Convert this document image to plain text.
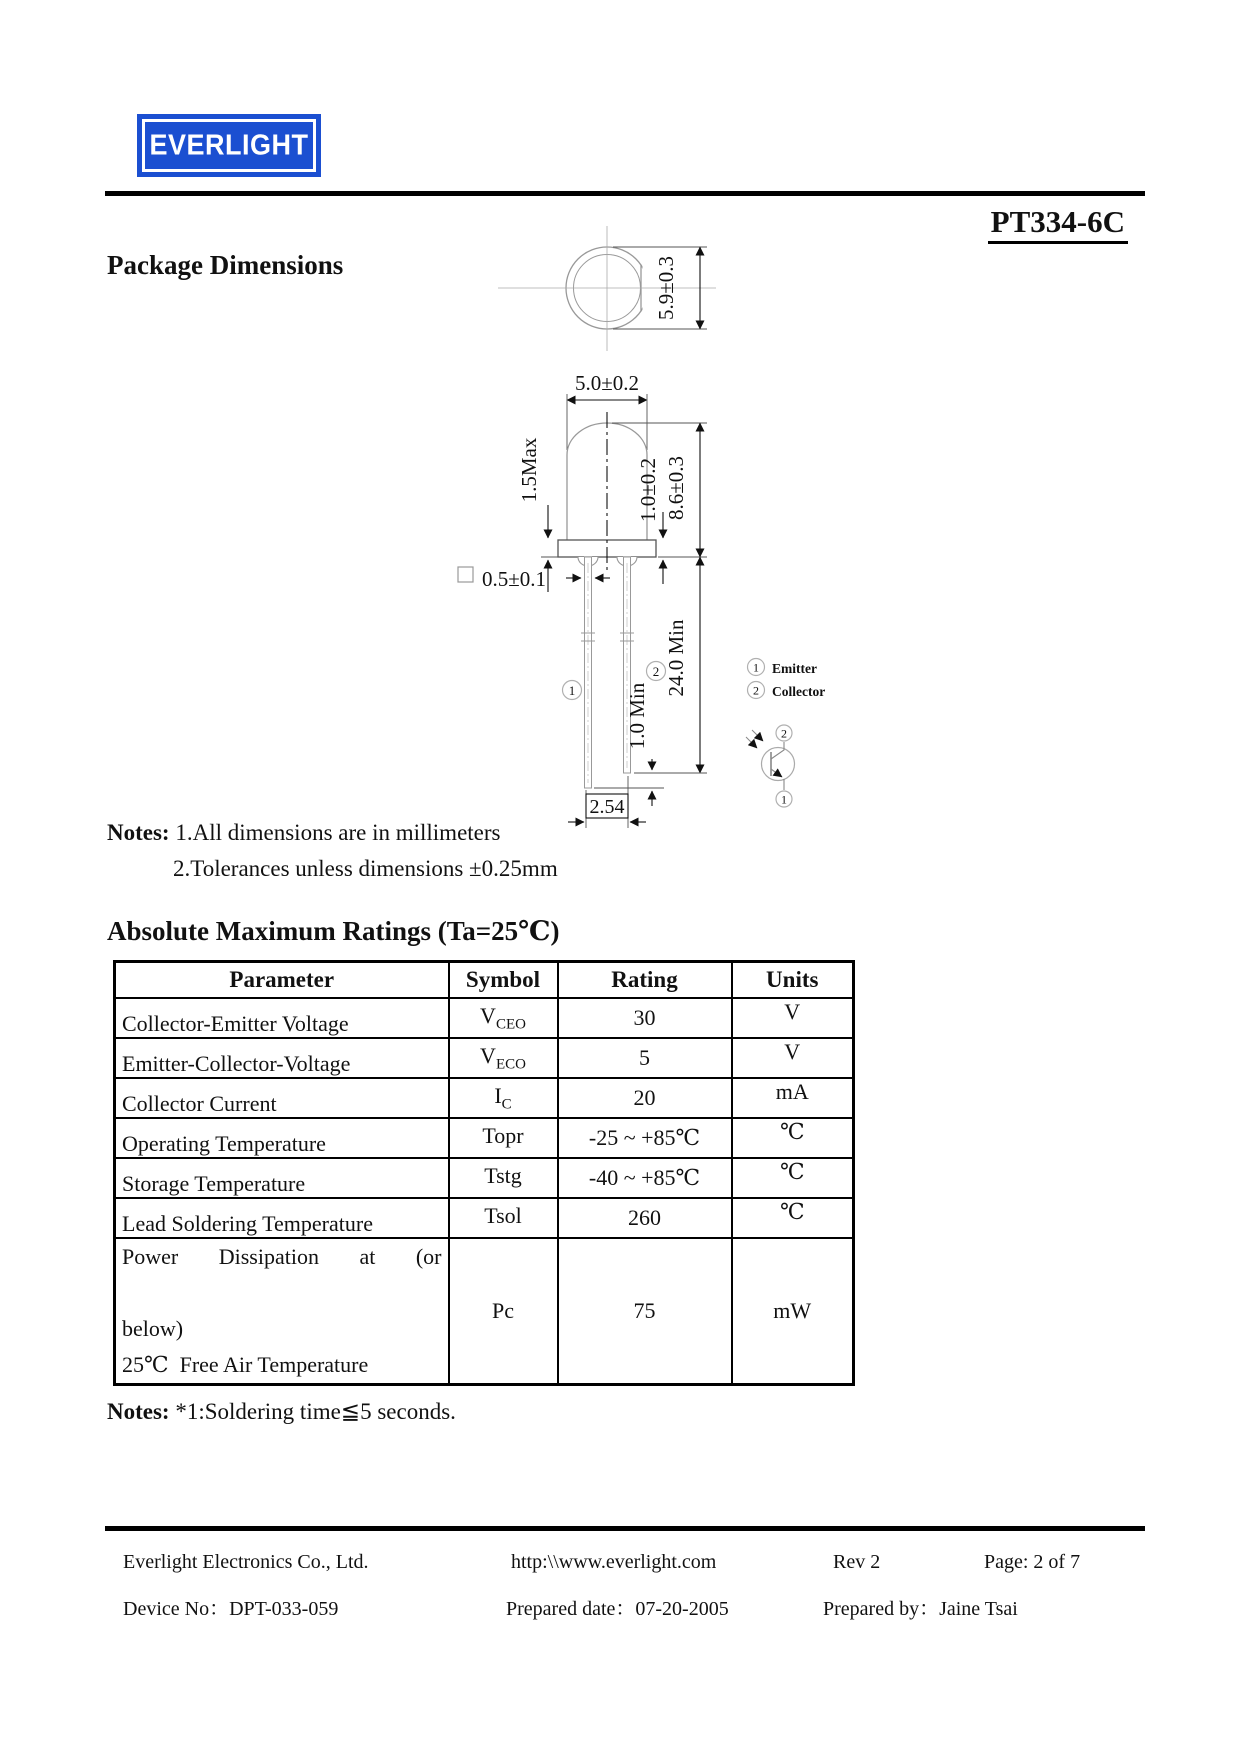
EVERLIGHT
PT334-6C
Package Dimensions	5.9±0.3
5.0±0.2
1.5Max	1.0±0.2 8.6±0.3
24.0 Min
1.0 Min
0.5±0.1
2.54
1
2	1 Emitter
2 Collector
2
1
Notes: 1.All dimensions are in millimeters
2.Tolerances unless dimensions ±0.25mm
Absolute Maximum Ratings (Ta=25℃)
Parameter	Symbol	Rating	Units
Collector-Emitter Voltage	$V_{CEO}$	30	V
Emitter-Collector-Voltage	$V_{ECO}$	5	V
Collector Current	$I_C$	20	mA
Operating Temperature	Topr	-25 ~ +85℃	℃
Storage Temperature	Tstg	-40 ~ +85℃	℃
Lead Soldering Temperature	Tsol	260	℃

Power Dissipation at (or
below)
25℃  Free Air Temperature	Pc	75	mW
Notes: *1:Soldering time≦5 seconds.
Everlight Electronics Co., Ltd.	http:\\www.everlight.com	Rev 2	Page: 2 of 7
Device No：DPT-033-059	Prepared date：07-20-2005	Prepared by：Jaine Tsai
